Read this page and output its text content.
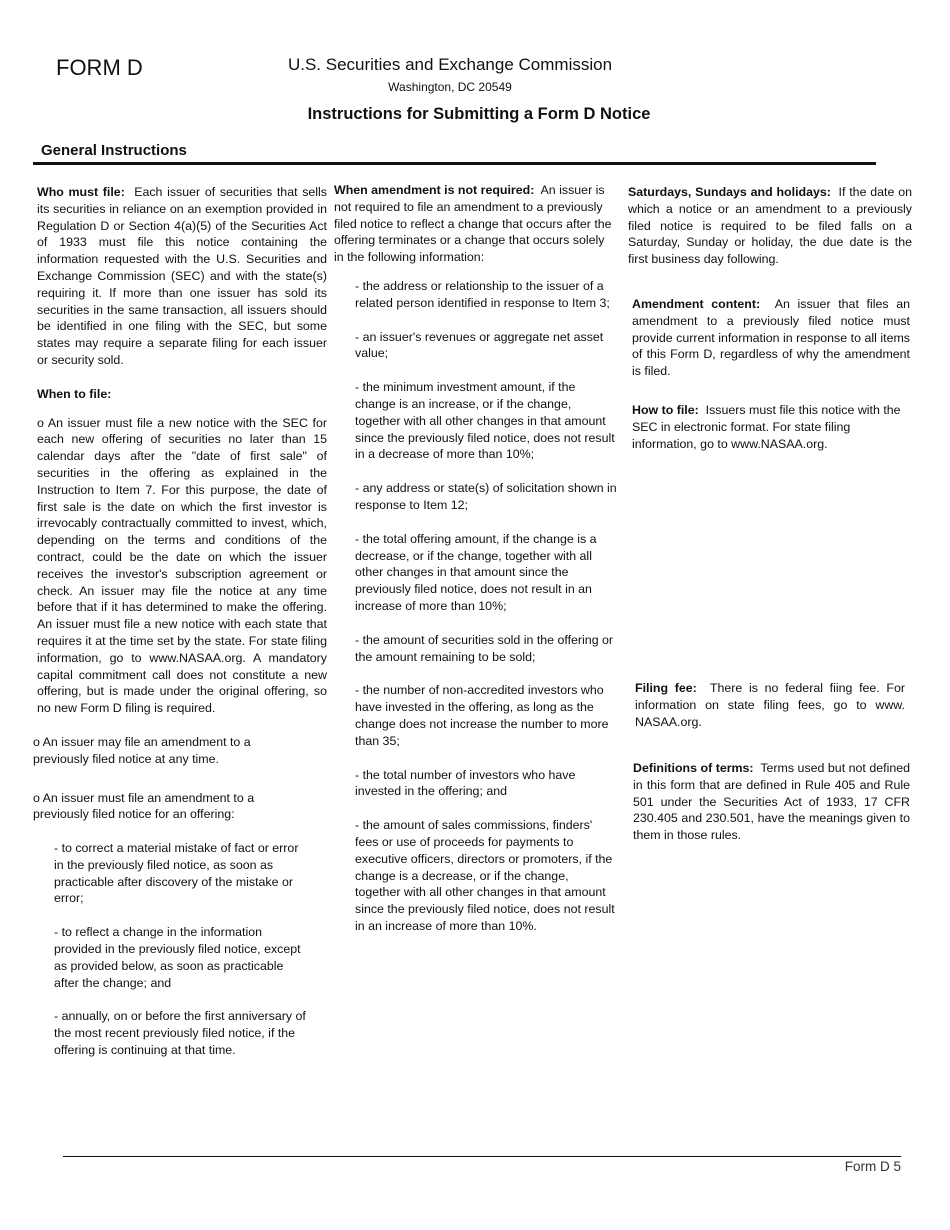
FORM D	U.S. Securities and Exchange Commission
Washington, DC 20549
Instructions for Submitting a Form D Notice
General Instructions

Who must file: Each issuer of securities that sells its securities in reliance on an exemption provided in Regulation D or Section 4(a)(5) of the Securities Act of 1933 must file this notice containing the information requested with the U.S. Securities and Exchange Commission (SEC) and with the state(s) requiring it. If more than one issuer has sold its securities in the same transaction, all issuers should be identified in one filing with the SEC, but some states may require a separate filing for each issuer or security sold.

When to file:

o An issuer must file a new notice with the SEC for each new offering of securities no later than 15 calendar days after the "date of first sale" of securities in the offering as explained in the Instruction to Item 7. For this purpose, the date of first sale is the date on which the first investor is irrevocably contractually committed to invest, which, depending on the terms and conditions of the contract, could be the date on which the issuer receives the investor's subscription agreement or check. An issuer may file the notice at any time before that if it has determined to make the offering. An issuer must file a new notice with each state that requires it at the time set by the state. For state filing information, go to www.NASAA.org. A mandatory capital commitment call does not constitute a new offering, but is made under the original offering, so no new Form D filing is required.

o An issuer may file an amendment to a previously filed notice at any time.

o An issuer must file an amendment to a previously filed notice for an offering:

- to correct a material mistake of fact or error in the previously filed notice, as soon as practicable after discovery of the mistake or error;

- to reflect a change in the information provided in the previously filed notice, except as provided below, as soon as practicable after the change; and

- annually, on or before the first anniversary of the most recent previously filed notice, if the offering is continuing at that time.

When amendment is not required: An issuer is not required to file an amendment to a previously filed notice to reflect a change that occurs after the offering terminates or a change that occurs solely in the following information:

- the address or relationship to the issuer of a related person identified in response to Item 3;

- an issuer's revenues or aggregate net asset value;

- the minimum investment amount, if the change is an increase, or if the change, together with all other changes in that amount since the previously filed notice, does not result in a decrease of more than 10%;

- any address or state(s) of solicitation shown in response to Item 12;

- the total offering amount, if the change is a decrease, or if the change, together with all other changes in that amount since the previously filed notice, does not result in an increase of more than 10%;

- the amount of securities sold in the offering or the amount remaining to be sold;

- the number of non-accredited investors who have invested in the offering, as long as the change does not increase the number to more than 35;

- the total number of investors who have invested in the offering; and

- the amount of sales commissions, finders' fees or use of proceeds for payments to executive officers, directors or promoters, if the change is a decrease, or if the change, together with all other changes in that amount since the previously filed notice, does not result in an increase of more than 10%.

Saturdays, Sundays and holidays: If the date on which a notice or an amendment to a previously filed notice is required to be filed falls on a Saturday, Sunday or holiday, the due date is the first business day following.

Amendment content: An issuer that files an amendment to a previously filed notice must provide current information in response to all items of this Form D, regardless of why the amendment is filed.

How to file: Issuers must file this notice with the SEC in electronic format. For state filing information, go to www.NASAA.org.

Filing fee: There is no federal fiing fee. For information on state filing fees, go to www. NASAA.org.
Definitions of terms: Terms used but not defined in this form that are defined in Rule 405 and Rule 501 under the Securities Act of 1933, 17 CFR 230.405 and 230.501, have the meanings given to them in those rules.
Form D 5
